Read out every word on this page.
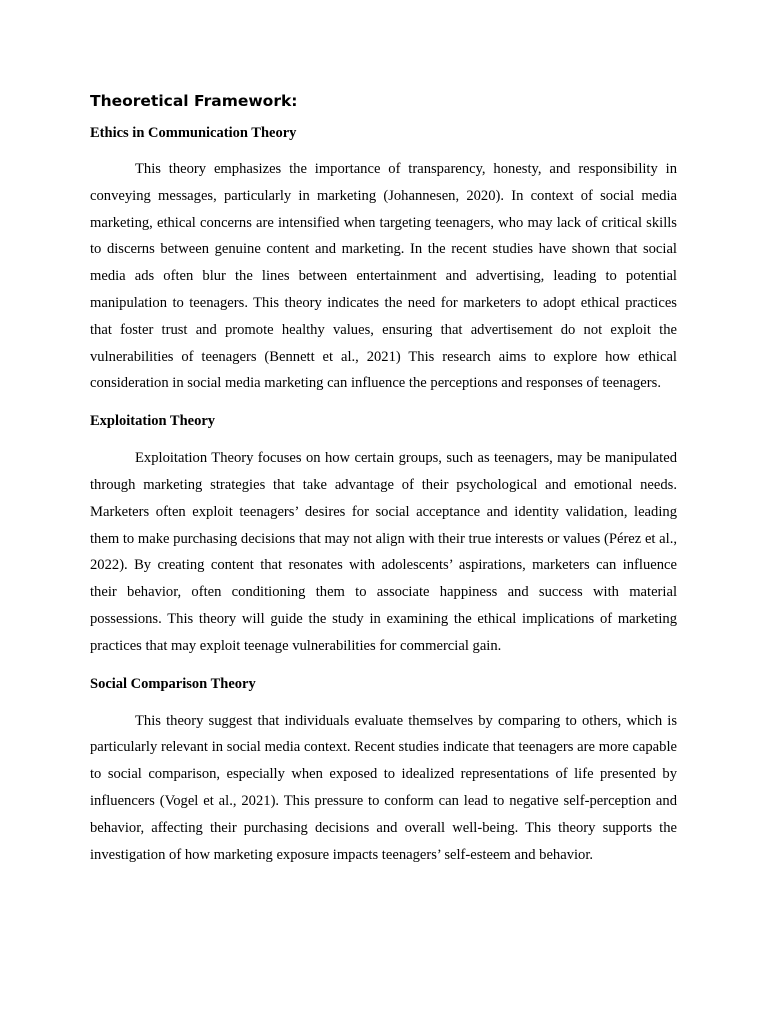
Theoretical Framework:
Ethics in Communication Theory

This theory emphasizes the importance of transparency, honesty, and responsibility in conveying messages, particularly in marketing (Johannesen, 2020). In context of social media marketing, ethical concerns are intensified when targeting teenagers, who may lack of critical skills to discerns between genuine content and marketing. In the recent studies have shown that social media ads often blur the lines between entertainment and advertising, leading to potential manipulation to teenagers. This theory indicates the need for marketers to adopt ethical practices that foster trust and promote healthy values, ensuring that advertisement do not exploit the vulnerabilities of teenagers (Bennett et al., 2021) This research aims to explore how ethical consideration in social media marketing can influence the perceptions and responses of teenagers.

Exploitation Theory

Exploitation Theory focuses on how certain groups, such as teenagers, may be manipulated through marketing strategies that take advantage of their psychological and emotional needs. Marketers often exploit teenagers’ desires for social acceptance and identity validation, leading them to make purchasing decisions that may not align with their true interests or values (Pérez et al., 2022). By creating content that resonates with adolescents’ aspirations, marketers can influence their behavior, often conditioning them to associate happiness and success with material possessions. This theory will guide the study in examining the ethical implications of marketing practices that may exploit teenage vulnerabilities for commercial gain.

Social Comparison Theory

This theory suggest that individuals evaluate themselves by comparing to others, which is particularly relevant in social media context. Recent studies indicate that teenagers are more capable to social comparison, especially when exposed to idealized representations of life presented by influencers (Vogel et al., 2021). This pressure to conform can lead to negative self-perception and behavior, affecting their purchasing decisions and overall well-being. This theory supports the investigation of how marketing exposure impacts teenagers’ self-esteem and behavior.
